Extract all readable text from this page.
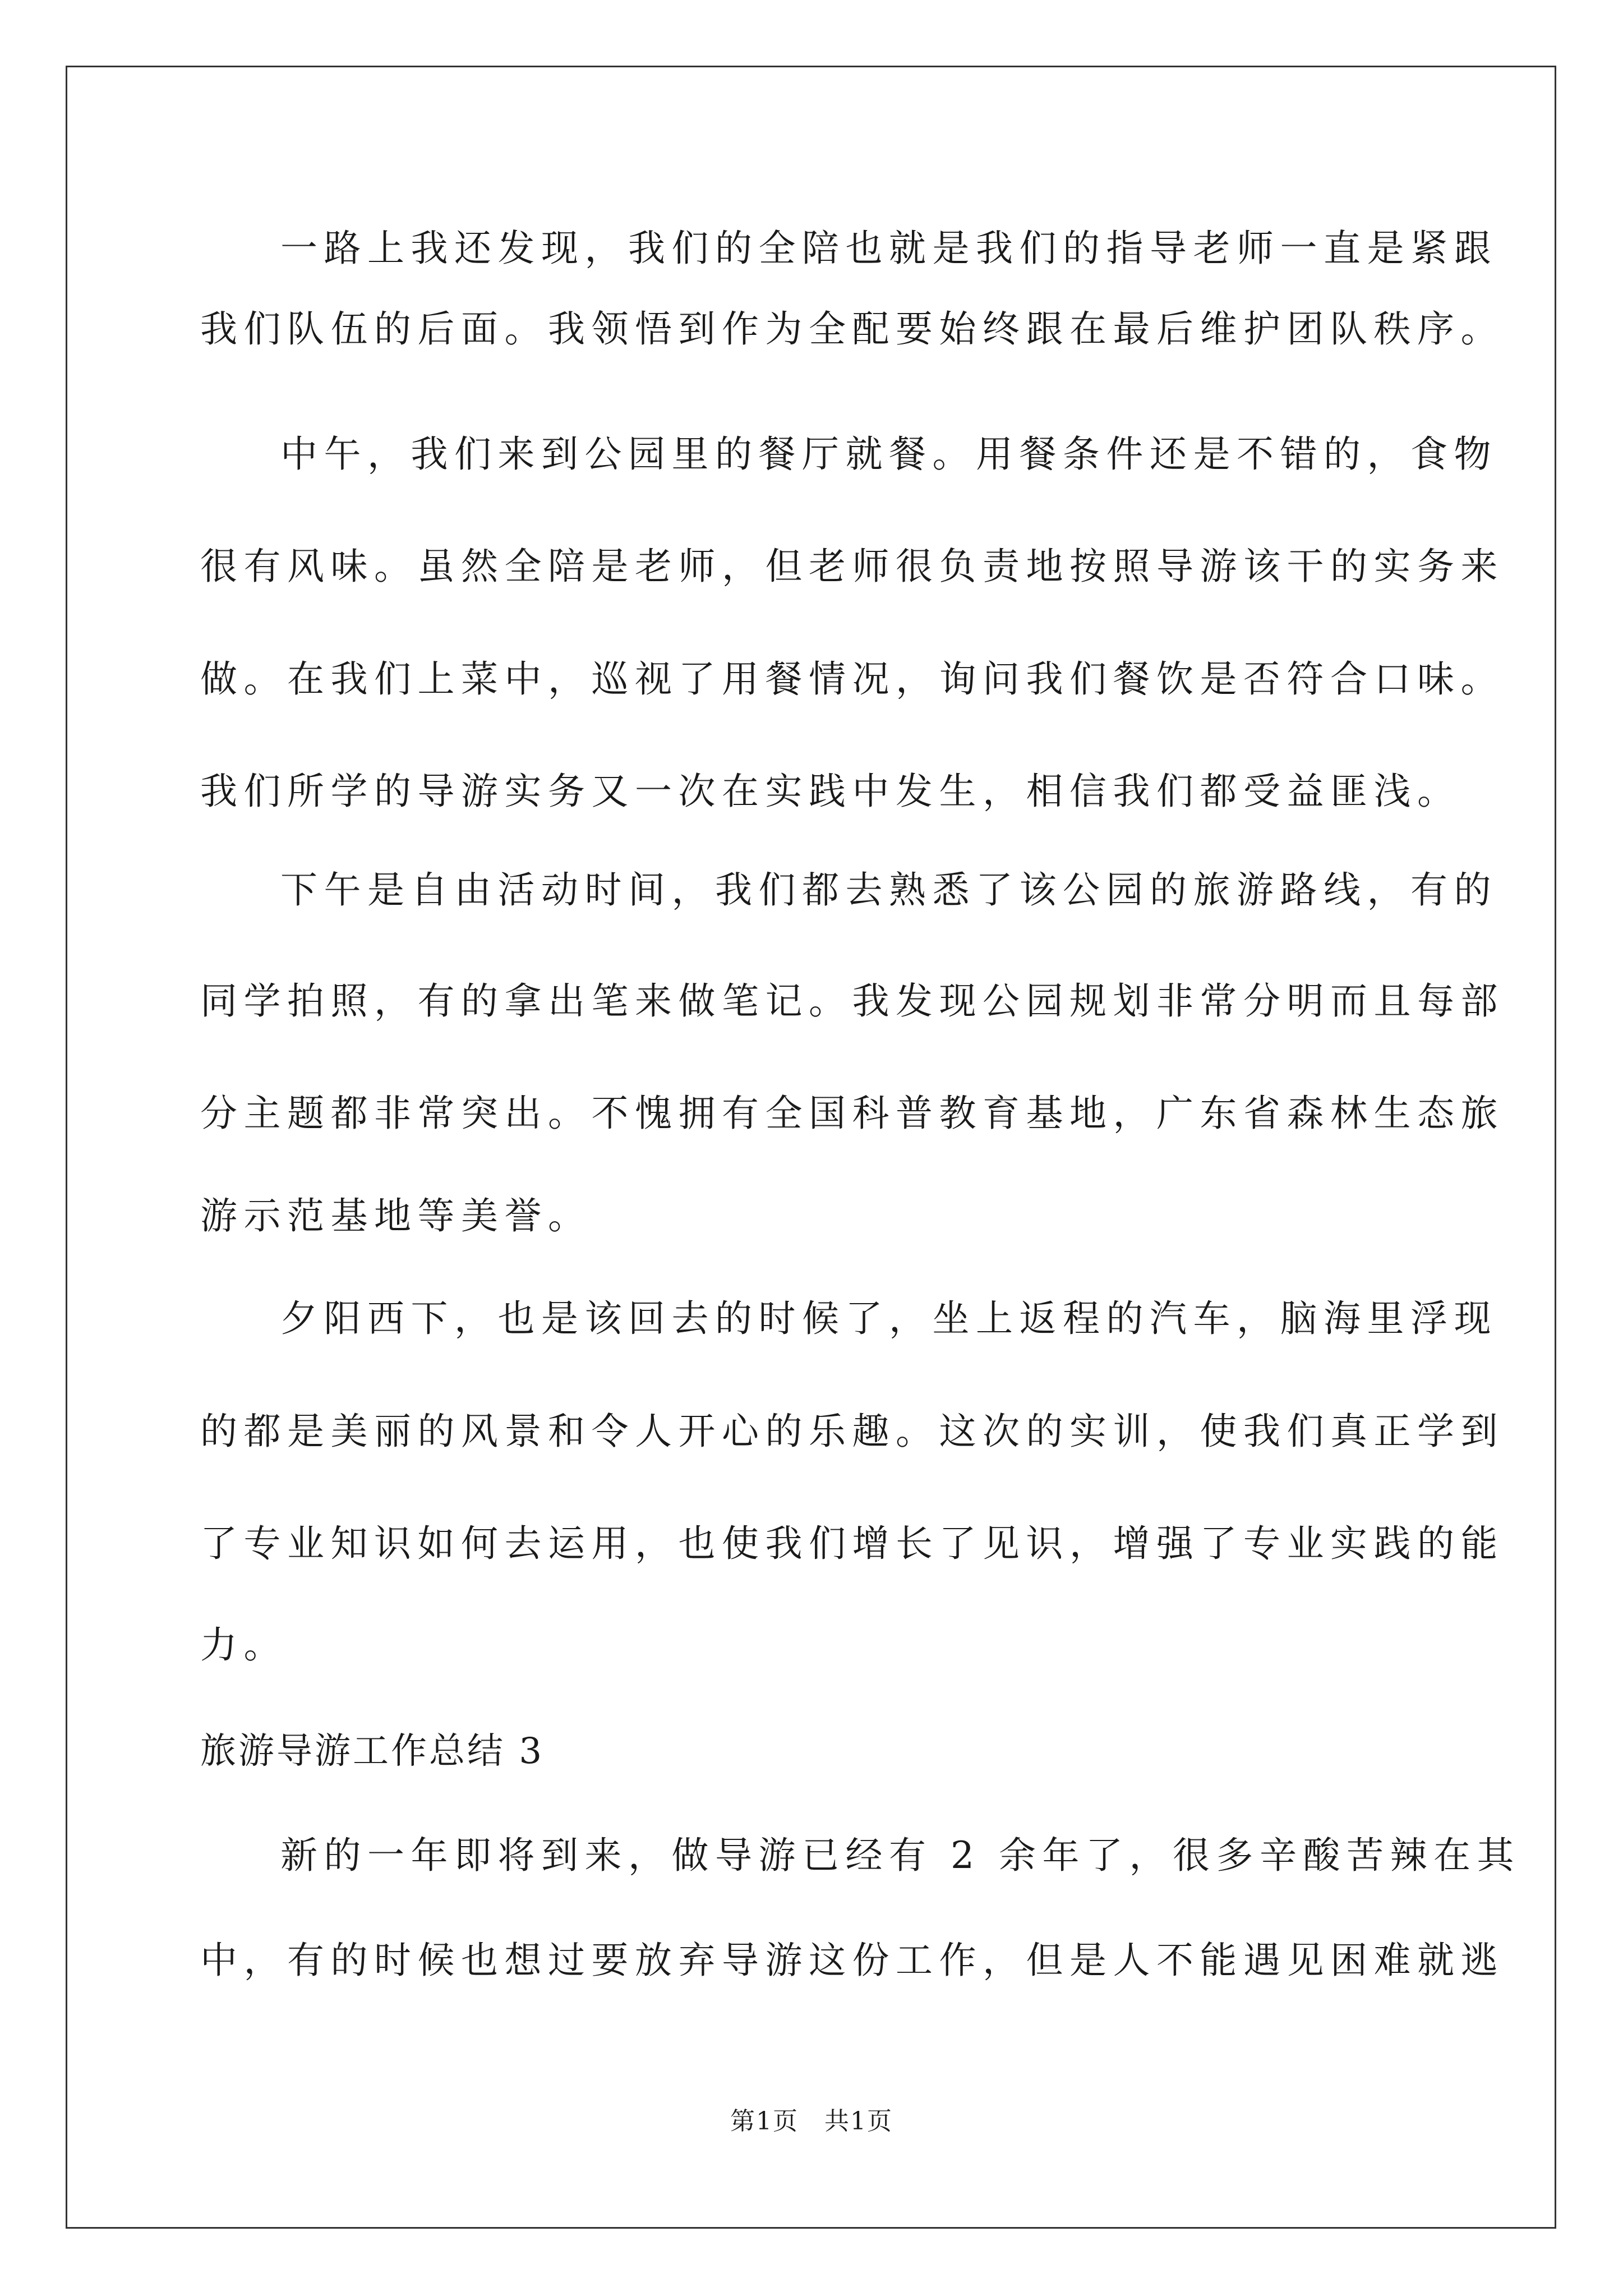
一路上我还发现，我们的全陪也就是我们的指导老师一直是紧跟
我们队伍的后面。我领悟到作为全配要始终跟在最后维护团队秩序。
中午，我们来到公园里的餐厅就餐。用餐条件还是不错的，食物
很有风味。虽然全陪是老师，但老师很负责地按照导游该干的实务来
做。在我们上菜中，巡视了用餐情况，询问我们餐饮是否符合口味。
我们所学的导游实务又一次在实践中发生，相信我们都受益匪浅。
下午是自由活动时间，我们都去熟悉了该公园的旅游路线，有的
同学拍照，有的拿出笔来做笔记。我发现公园规划非常分明而且每部
分主题都非常突出。不愧拥有全国科普教育基地，广东省森林生态旅
游示范基地等美誉。
夕阳西下，也是该回去的时候了，坐上返程的汽车，脑海里浮现
的都是美丽的风景和令人开心的乐趣。这次的实训，使我们真正学到
了专业知识如何去运用，也使我们增长了见识，增强了专业实践的能
力。
旅游导游工作总结 3
新的一年即将到来，做导游已经有 2 余年了，很多辛酸苦辣在其
中，有的时候也想过要放弃导游这份工作，但是人不能遇见困难就逃
第1页　共1页
